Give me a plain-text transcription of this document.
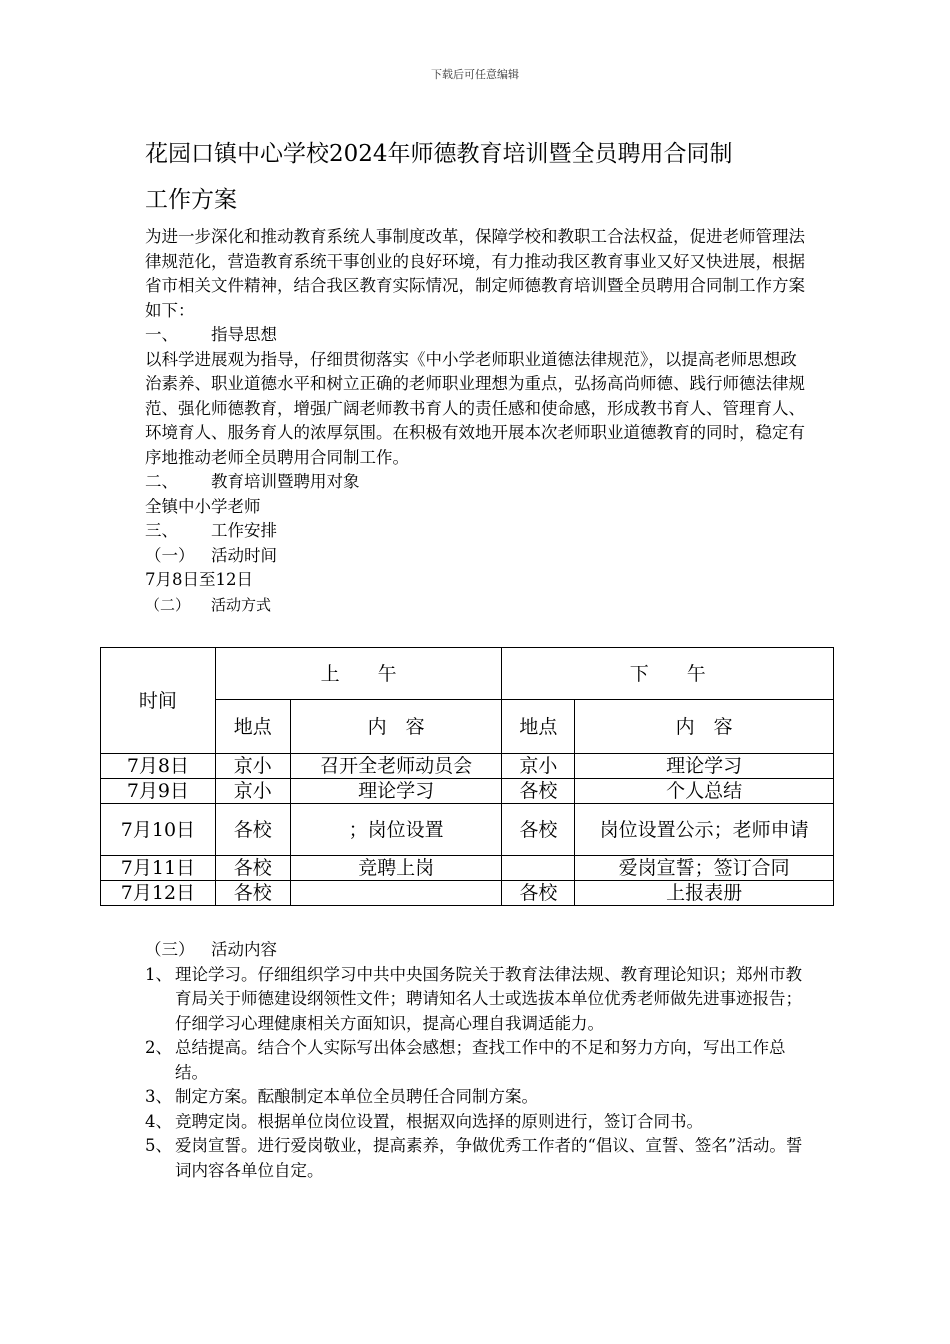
下载后可任意编辑
花园口镇中心学校2024年师德教育培训暨全员聘用合同制
工作方案

为进一步深化和推动教育系统人事制度改革，保障学校和教职工合法权益，促进老师管理法律规范化，营造教育系统干事创业的良好环境，有力推动我区教育事业又好又快进展，根据省市相关文件精神，结合我区教育实际情况，制定师德教育培训暨全员聘用合同制工作方案如下：

一、 指导思想

以科学进展观为指导，仔细贯彻落实《中小学老师职业道德法律规范》，以提高老师思想政治素养、职业道德水平和树立正确的老师职业理想为重点，弘扬高尚师德、践行师德法律规范、强化师德教育，增强广阔老师教书育人的责任感和使命感，形成教书育人、管理育人、环境育人、服务育人的浓厚氛围。在积极有效地开展本次老师职业道德教育的同时，稳定有序地推动老师全员聘用合同制工作。

二、 教育培训暨聘用对象

全镇中小学老师

三、 工作安排

（一） 活动时间

7月8日至12日

（二） 活动方式

时间	上　　午		下　　午	
	地点	内　容	地点	内　容
7月8日	京小	召开全老师动员会	京小	理论学习
7月9日	京小	理论学习	各校	个人总结
7月10日	各校	；岗位设置	各校	岗位设置公示；老师申请
7月11日	各校	竞聘上岗		爱岗宣誓；签订合同
7月12日	各校		各校	上报表册

（三） 活动内容

1、 理论学习。仔细组织学习中共中央国务院关于教育法律法规、教育理论知识；郑州市教育局关于师德建设纲领性文件；聘请知名人士或选拔本单位优秀老师做先进事迹报告；仔细学习心理健康相关方面知识，提高心理自我调适能力。
2、 总结提高。结合个人实际写出体会感想；查找工作中的不足和努力方向，写出工作总结。
3、 制定方案。酝酿制定本单位全员聘任合同制方案。
4、 竞聘定岗。根据单位岗位设置，根据双向选择的原则进行，签订合同书。
5、 爱岗宣誓。进行爱岗敬业，提高素养，争做优秀工作者的“倡议、宣誓、签名”活动。誓词内容各单位自定。
